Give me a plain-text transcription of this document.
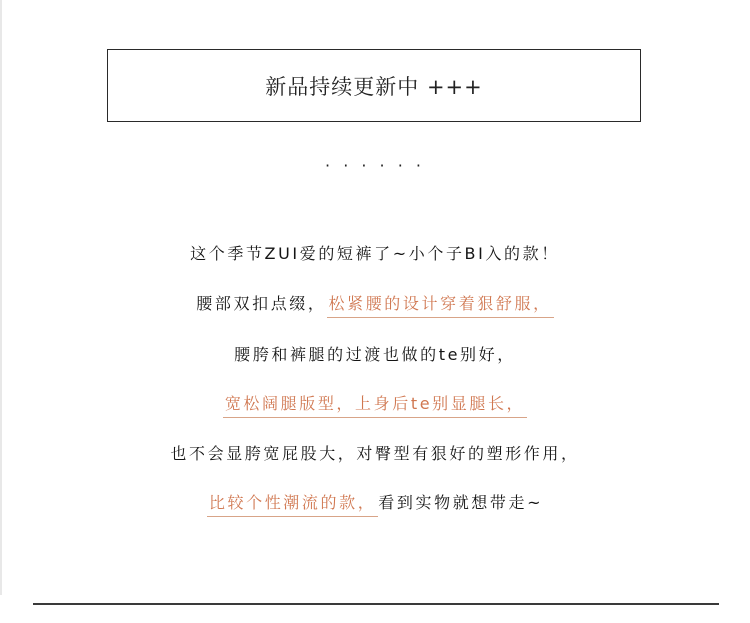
新品持续更新中 +++
· · · · · ·
这个季节ZUI爱的短裤了~小个子BI入的款！
腰部双扣点缀， 松紧腰的设计穿着狠舒服，
腰胯和裤腿的过渡也做的te别好，
宽松阔腿版型，上身后te别显腿长，
也不会显胯宽屁股大，对臀型有狠好的塑形作用，
比较个性潮流的款， 看到实物就想带走~
